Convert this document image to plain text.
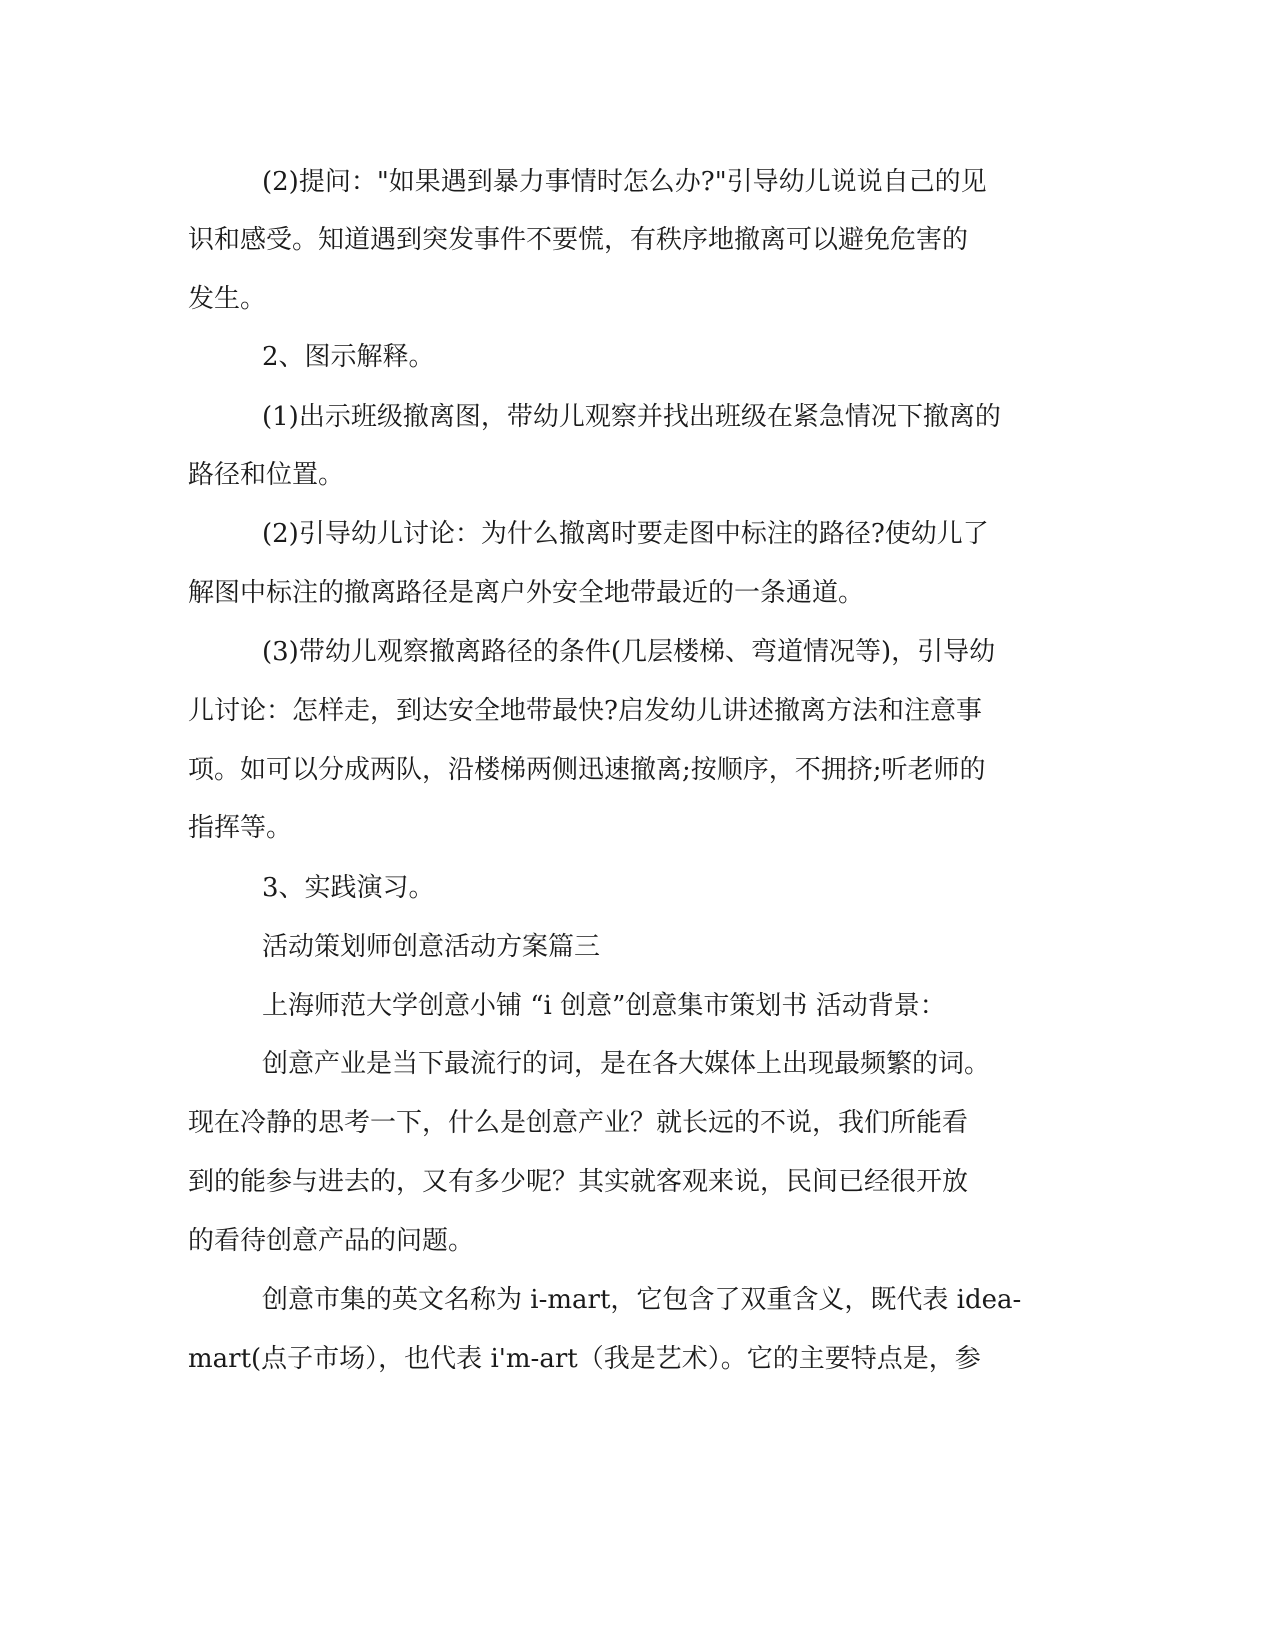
(2)提问："如果遇到暴力事情时怎么办?"引导幼儿说说自己的见
识和感受。知道遇到突发事件不要慌，有秩序地撤离可以避免危害的
发生。
2、图示解释。
(1)出示班级撤离图，带幼儿观察并找出班级在紧急情况下撤离的
路径和位置。
(2)引导幼儿讨论：为什么撤离时要走图中标注的路径?使幼儿了
解图中标注的撤离路径是离户外安全地带最近的一条通道。
(3)带幼儿观察撤离路径的条件(几层楼梯、弯道情况等)，引导幼
儿讨论：怎样走，到达安全地带最快?启发幼儿讲述撤离方法和注意事
项。如可以分成两队，沿楼梯两侧迅速撤离;按顺序，不拥挤;听老师的
指挥等。
3、实践演习。
活动策划师创意活动方案篇三
上海师范大学创意小铺 “i 创意”创意集市策划书 活动背景：
创意产业是当下最流行的词，是在各大媒体上出现最频繁的词。
现在冷静的思考一下，什么是创意产业？就长远的不说，我们所能看
到的能参与进去的，又有多少呢？其实就客观来说，民间已经很开放
的看待创意产品的问题。
创意市集的英文名称为 i-mart，它包含了双重含义，既代表 idea-
mart(点子市场），也代表 i'm-art（我是艺术）。它的主要特点是，参
